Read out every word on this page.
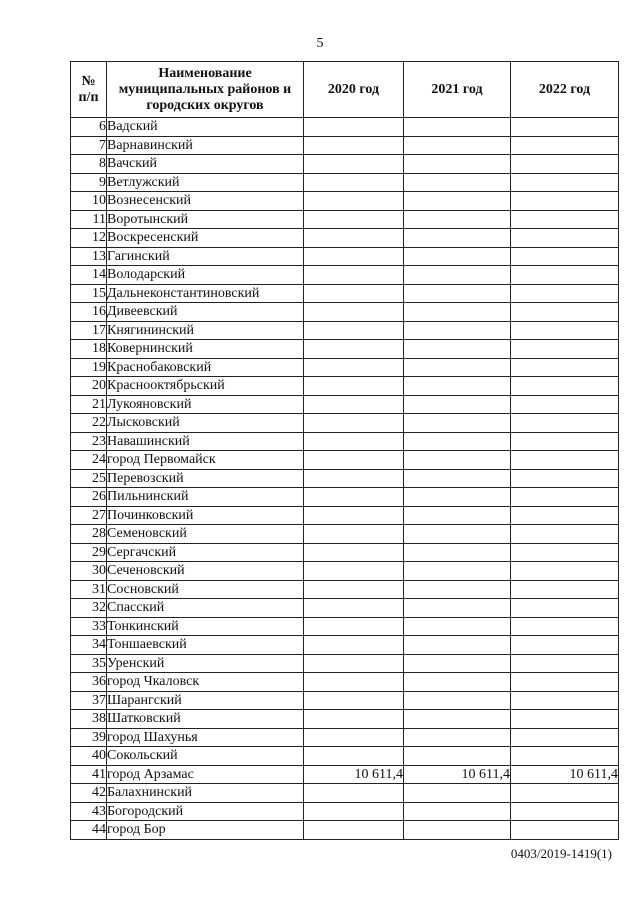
5
№
п/п	Наименование муниципальных районов и городских округов	2020 год	2021 год	2022 год
6	Вадский			
7	Варнавинский			
8	Вачский			
9	Ветлужский			
10	Вознесенский			
11	Воротынский			
12	Воскресенский			
13	Гагинский			
14	Володарский			
15	Дальнеконстантиновский			
16	Дивеевский			
17	Княгининский			
18	Ковернинский			
19	Краснобаковский			
20	Краснооктябрьский			
21	Лукояновский			
22	Лысковский			
23	Навашинский			
24	город Первомайск			
25	Перевозский			
26	Пильнинский			
27	Починковский			
28	Семеновский			
29	Сергачский			
30	Сеченовский			
31	Сосновский			
32	Спасский			
33	Тонкинский			
34	Тоншаевский			
35	Уренский			
36	город Чкаловск			
37	Шарангский			
38	Шатковский			
39	город Шахунья			
40	Сокольский			
41	город Арзамас	10 611,4	10 611,4	10 611,4
42	Балахнинский			
43	Богородский			
44	город Бор			
0403/2019-1419(1)
